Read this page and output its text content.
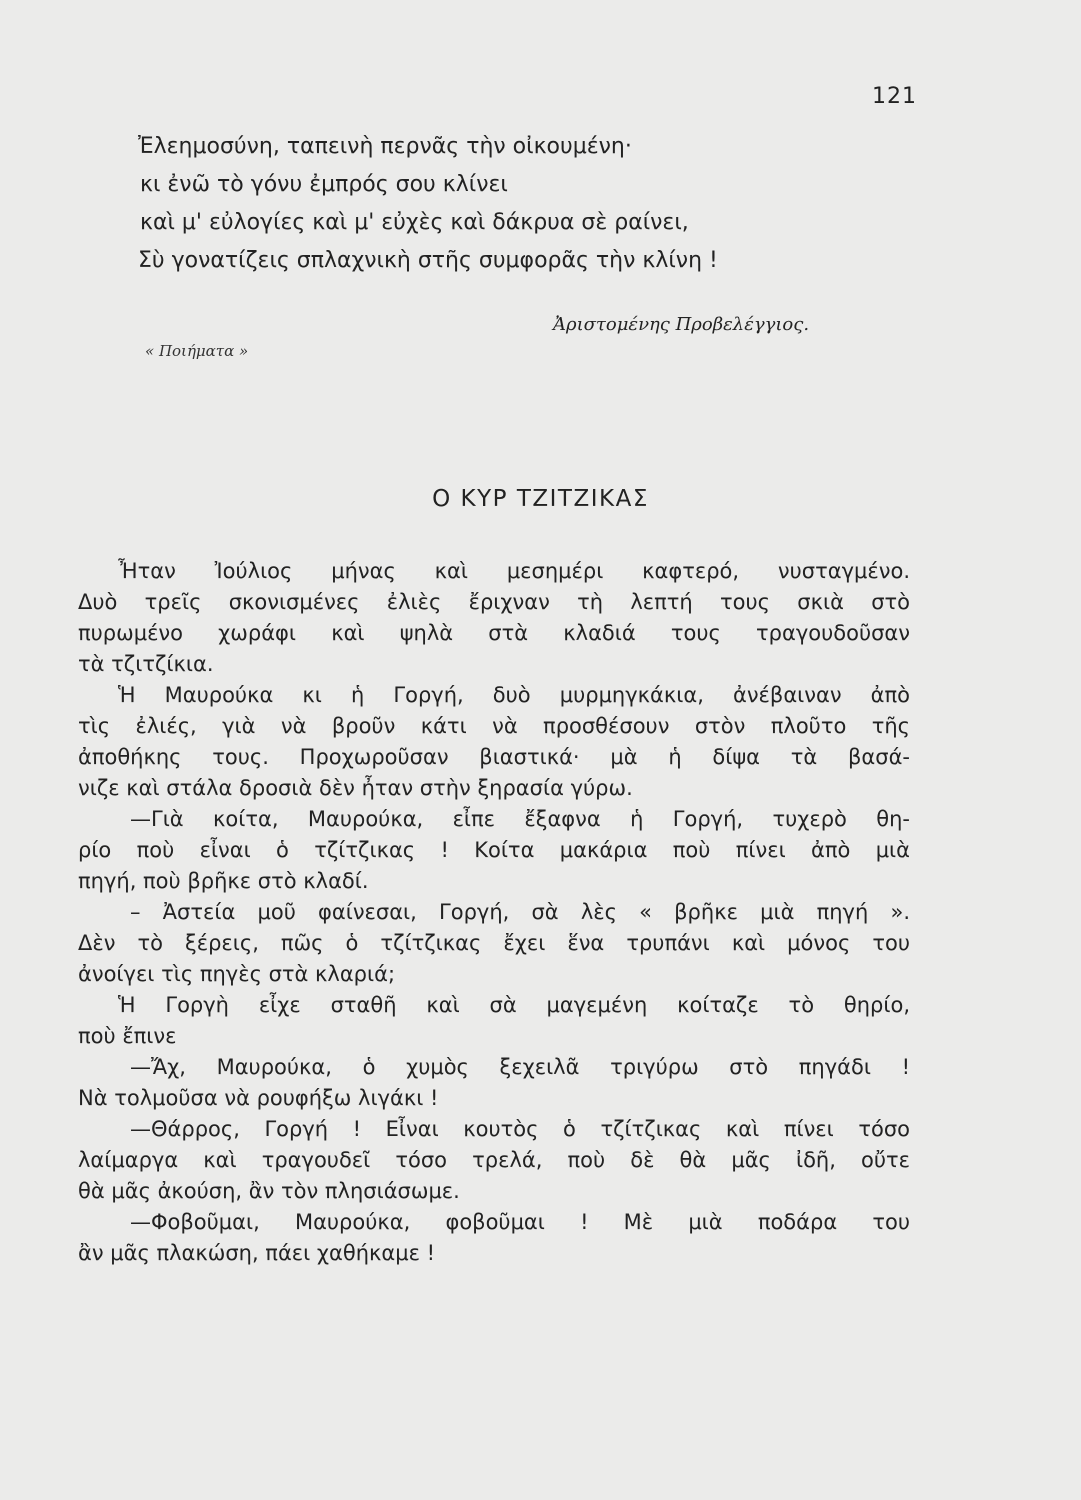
121
Ἐλεημοσύνη, ταπεινὴ περνᾶς τὴν οἰκουμένη·
κι ἐνῶ τὸ γόνυ ἐμπρός σου κλίνει
καὶ μ' εὐλογίες καὶ μ' εὐχὲς καὶ δάκρυα σὲ ραίνει,
Σὺ γονατίζεις σπλαχνικὴ στῆς συμφορᾶς τὴν κλίνη !
Ἀριστομένης Προβελέγγιος.
« Ποιήματα »
Ο ΚΥΡ ΤΖΙΤΖΙΚΑΣ
Ἦταν Ἰούλιος μήνας καὶ μεσημέρι καφτερό, νυσταγμένο.
Δυὸ τρεῖς σκονισμένες ἐλιὲς ἔριχναν τὴ λεπτή τους σκιὰ στὸ
πυρωμένο χωράφι καὶ ψηλὰ στὰ κλαδιά τους τραγουδοῦσαν
τὰ τζιτζίκια.
Ἡ Μαυρούκα κι ἡ Γοργή, δυὸ μυρμηγκάκια, ἀνέβαιναν ἀπὸ
τὶς ἐλιές, γιὰ νὰ βροῦν κάτι νὰ προσθέσουν στὸν πλοῦτο τῆς
ἀποθήκης τους. Προχωροῦσαν βιαστικά· μὰ ἡ δίψα τὰ βασά-
νιζε καὶ στάλα δροσιὰ δὲν ἦταν στὴν ξηρασία γύρω.
—Γιὰ κοίτα, Μαυρούκα, εἶπε ἔξαφνα ἡ Γοργή, τυχερὸ θη-
ρίο ποὺ εἶναι ὁ τζίτζικας ! Κοίτα μακάρια ποὺ πίνει ἀπὸ μιὰ
πηγή, ποὺ βρῆκε στὸ κλαδί.
– Ἀστεία μοῦ φαίνεσαι, Γοργή, σὰ λὲς « βρῆκε μιὰ πηγή ».
Δὲν τὸ ξέρεις, πῶς ὁ τζίτζικας ἔχει ἕνα τρυπάνι καὶ μόνος του
ἀνοίγει τὶς πηγὲς στὰ κλαριά;
Ἡ Γοργὴ εἶχε σταθῆ καὶ σὰ μαγεμένη κοίταζε τὸ θηρίο,
ποὺ ἔπινε
—Ἄχ, Μαυρούκα, ὁ χυμὸς ξεχειλᾶ τριγύρω στὸ πηγάδι !
Νὰ τολμοῦσα νὰ ρουφήξω λιγάκι !
—Θάρρος, Γοργή ! Εἶναι κουτὸς ὁ τζίτζικας καὶ πίνει τόσο
λαίμαργα καὶ τραγουδεῖ τόσο τρελά, ποὺ δὲ θὰ μᾶς ἰδῆ, οὔτε
θὰ μᾶς ἀκούση, ἂν τὸν πλησιάσωμε.
—Φοβοῦμαι, Μαυρούκα, φοβοῦμαι ! Μὲ μιὰ ποδάρα του
ἂν μᾶς πλακώση, πάει χαθήκαμε !
